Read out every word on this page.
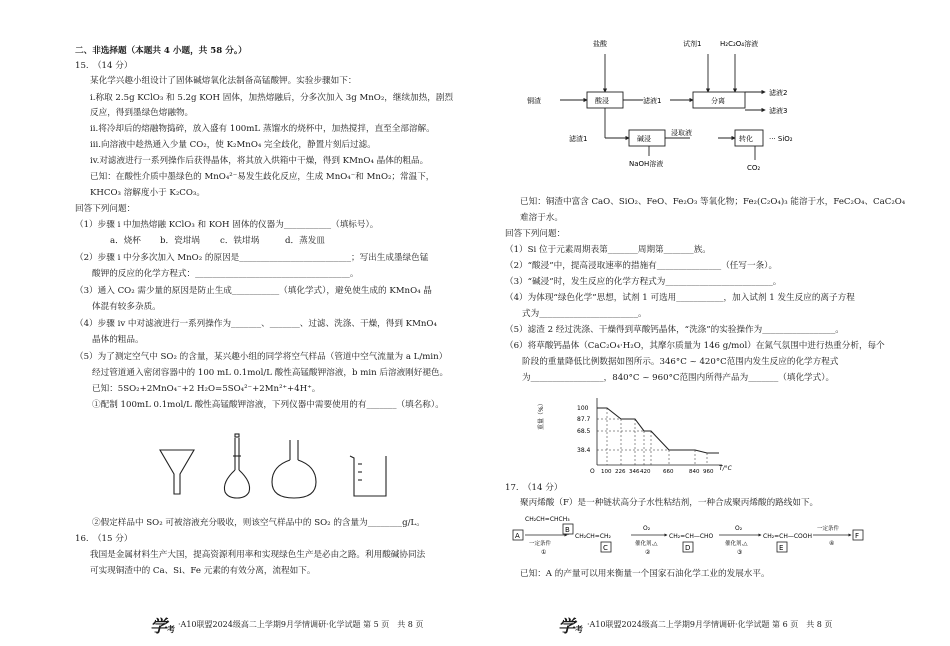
二、非选择题（本题共 4 小题，共 58 分。）
15.　（14 分）
某化学兴趣小组设计了固体碱熔氧化法制备高锰酸钾。实验步骤如下：
i.称取 2.5g KClO₃ 和 5.2g KOH 固体，加热熔融后，分多次加入 3g MnO₂，继续加热，剧烈
反应，得到墨绿色熔融物。
ii.将冷却后的熔融物捣碎，放入盛有 100mL 蒸馏水的烧杯中，加热搅拌，直至全部溶解。
iii.向溶液中趁热通入少量 CO₂，使 K₂MnO₄ 完全歧化，静置片刻后过滤。
iv.对滤液进行一系列操作后获得晶体，将其放入烘箱中干燥，得到 KMnO₄ 晶体的粗品。
已知：在酸性介质中墨绿色的 MnO₄²⁻易发生歧化反应，生成 MnO₄⁻和 MnO₂；常温下，
KHCO₃ 溶解度小于 K₂CO₃。
回答下列问题：
（1）步骤 i 中加热熔融 KClO₃ 和 KOH 固体的仪器为___________（填标号）。
a．烧杯 b．瓷坩埚 c．铁坩埚	d．蒸发皿
（2）步骤 i 中分多次加入 MnO₂ 的原因是__________________________；写出生成墨绿色锰
酸钾的反应的化学方程式：____________________________________。
（3）通入 CO₂ 需少量的原因是防止生成___________（填化学式），避免使生成的 KMnO₄ 晶
体混有较多杂质。
（4）步骤 iv 中对滤液进行一系列操作为_______、_______、过滤、洗涤、干燥，得到 KMnO₄
晶体的粗品。
（5）为了测定空气中 SO₂ 的含量，某兴趣小组的同学将空气样品（管道中空气流量为 a L/min）
经过管道通入密闭容器中的 100 mL 0.1mol/L 酸性高锰酸钾溶液，b min 后溶液刚好褪色。
已知：5SO₂+2MnO₄⁻+2 H₂O=5SO₄²⁻+2Mn²⁺+4H⁺。
①配制 100mL 0.1mol/L 酸性高锰酸钾溶液，下列仪器中需要使用的有_______（填名称）。
②假定样品中 SO₂ 可被溶液充分吸收，则该空气样品中的 SO₂ 的含量为________g/L。
16.　（15 分）
我国是金属材料生产大国，提高资源利用率和实现绿色生产是必由之路。利用酸碱协同法
可实现铜渣中的 Ca、Si、Fe 元素的有效分离，流程如下。
学考 ·A10联盟2024级高二上学期9月学情调研·化学试题 第 5 页　共 8 页
盐酸	试剂1	H₂C₂O₄溶液
铜渣	酸浸	滤液1	分离
滤液2
滤液3
滤渣1	碱浸
浸取液
转化 ··· SiO₂
NaOH溶液	CO₂
已知：铜渣中富含 CaO、SiO₂、FeO、Fe₂O₃ 等氧化物；Fe₂(C₂O₄)₃ 能溶于水，FeC₂O₄、CaC₂O₄
难溶于水。
回答下列问题：
（1）Si 位于元素周期表第_______周期第_______族。
（2）“酸浸”中，提高浸取速率的措施有_______________（任写一条）。
（3）“碱浸”时，发生反应的化学方程式为_________________________。
（4）为体现“绿色化学”思想，试剂 1 可选用___________，加入试剂 1 发生反应的离子方程
式为_______________________。
（5）滤渣 2 经过洗涤、干燥得到草酸钙晶体，“洗涤”的实验操作为_________________。
（6）将草酸钙晶体（CaC₂O₄·H₂O，其摩尔质量为 146 g/mol）在氮气氛围中进行热重分析，每个
阶段的重量降低比例数据如图所示。346°C ~ 420°C范围内发生反应的化学方程式
为_________________，840°C ~ 960°C范围内所得产品为_______（填化学式）。
重量（%）	100
87.7
68.5
38.4
O 100 226 346 420 660	840 960 T/°C
17.　（14 分）
聚丙烯酸（F）是一种链状高分子水性粘结剂，一种合成聚丙烯酸的路线如下。
A
CH₂CH=CHCH₃
B
一定条件
①
CH₂CH=CH₂
C
O₂
催化剂,△
②
CH₂=CH—CHO
D
O₂
催化剂,△
③
CH₂=CH—COOH
E
一定条件
④
F
已知：A 的产量可以用来衡量一个国家石油化学工业的发展水平。
学考 ·A10联盟2024级高二上学期9月学情调研·化学试题 第 6 页　共 8 页
